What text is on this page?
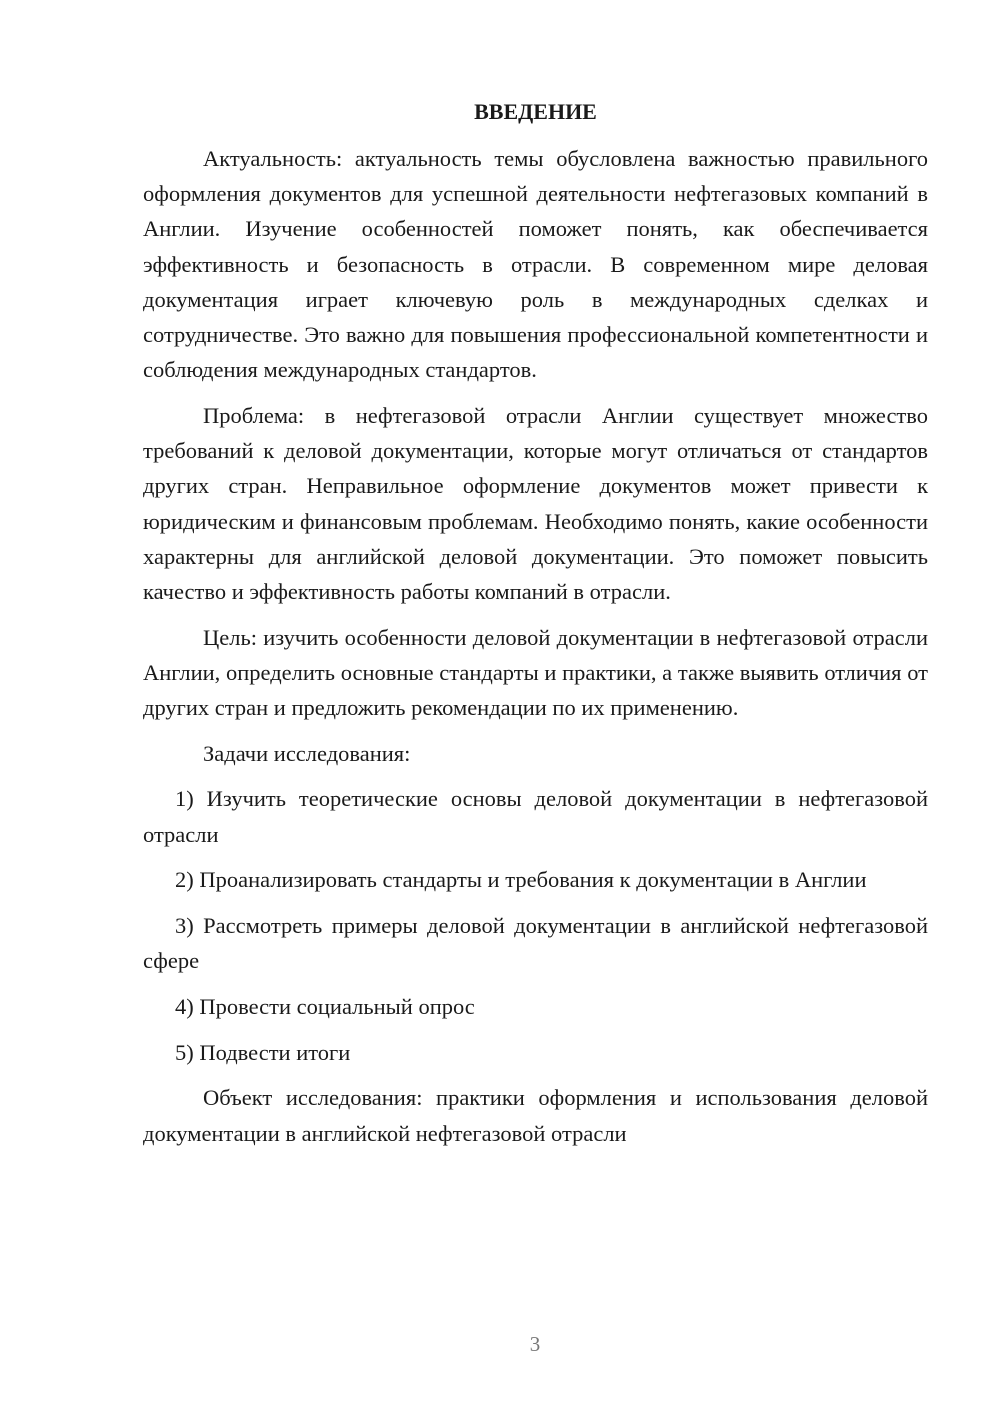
ВВЕДЕНИЕ

Актуальность: актуальность темы обусловлена важностью правильного оформления документов для успешной деятельности нефтегазовых компаний в Англии. Изучение особенностей поможет понять, как обеспечивается эффективность и безопасность в отрасли. В современном мире деловая документация играет ключевую роль в международных сделках и сотрудничестве. Это важно для повышения профессиональной компетентности и соблюдения международных стандартов.

Проблема: в нефтегазовой отрасли Англии существует множество требований к деловой документации, которые могут отличаться от стандартов других стран. Неправильное оформление документов может привести к юридическим и финансовым проблемам. Необходимо понять, какие особенности характерны для английской деловой документации. Это поможет повысить качество и эффективность работы компаний в отрасли.

Цель: изучить особенности деловой документации в нефтегазовой отрасли Англии, определить основные стандарты и практики, а также выявить отличия от других стран и предложить рекомендации по их применению.

Задачи исследования:

1) Изучить теоретические основы деловой документации в нефтегазовой отрасли

2) Проанализировать стандарты и требования к документации в Англии

3) Рассмотреть примеры деловой документации в английской нефтегазовой сфере

4) Провести социальный опрос

5) Подвести итоги

Объект исследования: практики оформления и использования деловой документации в английской нефтегазовой отрасли

3
